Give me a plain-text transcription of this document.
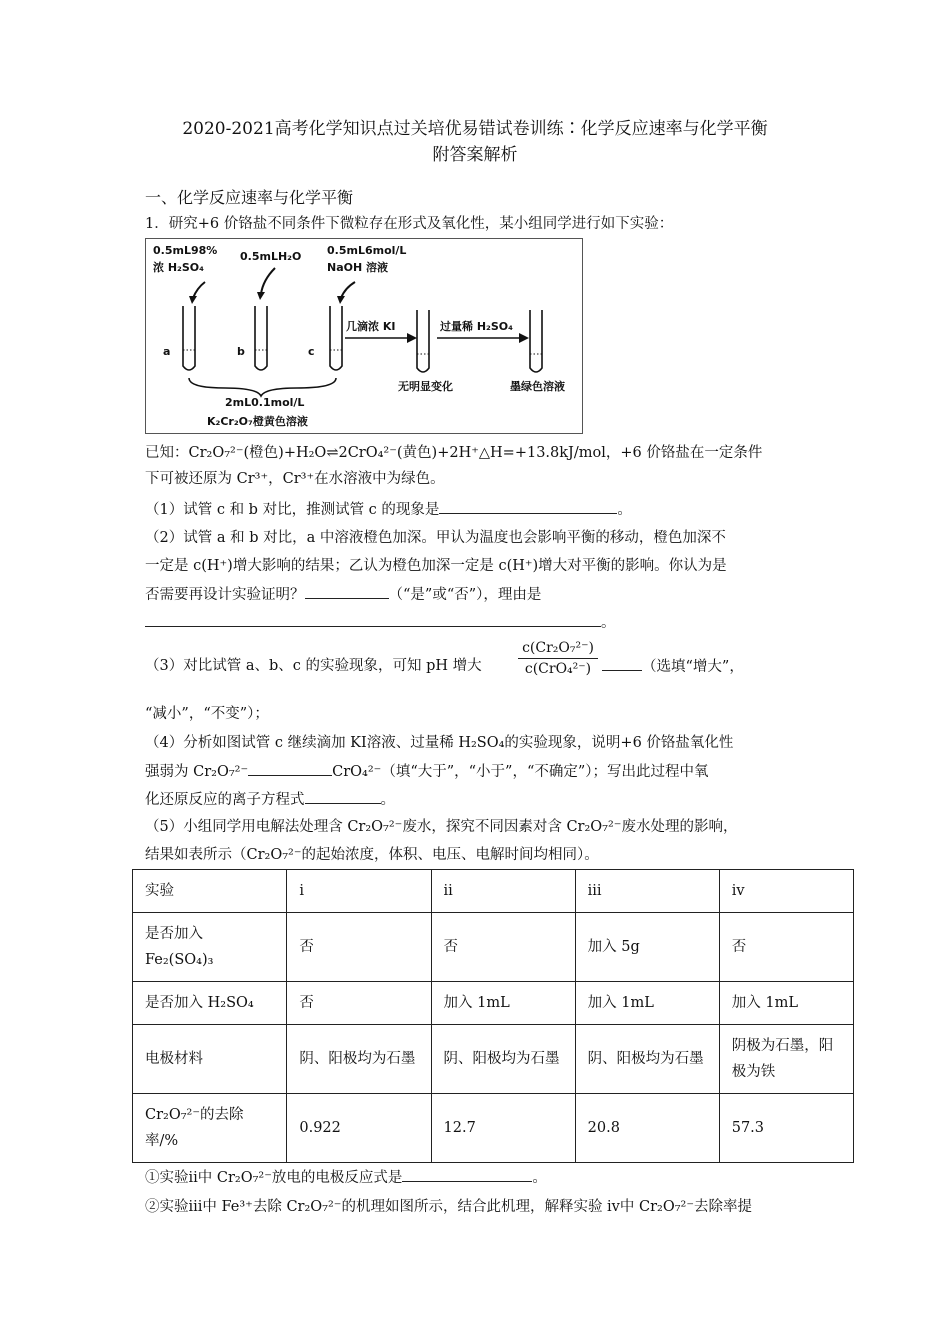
2020-2021高考化学知识点过关培优易错试卷训练∶化学反应速率与化学平衡
附答案解析
一、化学反应速率与化学平衡
1．研究+6 价铬盐不同条件下微粒存在形式及氧化性，某小组同学进行如下实验：
0.5mL98%
浓 H₂SO₄
0.5mLH₂O 0.5mL6mol/L
NaOH 溶液
a	b	c
几滴浓 KI	过量稀 H₂SO₄
无明显变化	墨绿色溶液
2mL0.1mol/L
K₂Cr₂O₇橙黄色溶液
已知：Cr₂O₇²⁻(橙色)+H₂O⇌2CrO₄²⁻(黄色)+2H⁺△H=+13.8kJ/mol，+6 价铬盐在一定条件
下可被还原为 Cr³⁺，Cr³⁺在水溶液中为绿色。
（1）试管 c 和 b 对比，推测试管 c 的现象是	。
（2）试管 a 和 b 对比，a 中溶液橙色加深。甲认为温度也会影响平衡的移动，橙色加深不
一定是 c(H⁺)增大影响的结果；乙认为橙色加深一定是 c(H⁺)增大对平衡的影响。你认为是
否需要再设计实验证明？	（“是”或“否”），理由是
。
（3）对比试管 a、b、c 的实验现象，可知 pH 增大
c(Cr₂O₇²⁻)
c(CrO₄²⁻)	（选填“增大”，
“减小”，“不变”）；
（4）分析如图试管 c 继续滴加 KI溶液、过量稀 H₂SO₄的实验现象，说明+6 价铬盐氧化性
强弱为 Cr₂O₇²⁻	CrO₄²⁻（填“大于”，“小于”，“不确定”）；写出此过程中氧
化还原反应的离子方程式	。
（5）小组同学用电解法处理含 Cr₂O₇²⁻废水，探究不同因素对含 Cr₂O₇²⁻废水处理的影响，
结果如表所示（Cr₂O₇²⁻的起始浓度，体积、电压、电解时间均相同）。
实验	i	ii	iii	iv
是否加入 Fe₂(SO₄)₃	否	否	加入 5g	否
是否加入 H₂SO₄	否	加入 1mL	加入 1mL	加入 1mL
电极材料	阴、阳极均为石墨	阴、阳极均为石墨	阴、阳极均为石墨	阴极为石墨，阳极为铁
Cr₂O₇²⁻的去除率/%	0.922	12.7	20.8	57.3
①实验ⅱ中 Cr₂O₇²⁻放电的电极反应式是	。
②实验ⅲ中 Fe³⁺去除 Cr₂O₇²⁻的机理如图所示，结合此机理，解释实验 ⅳ中 Cr₂O₇²⁻去除率提
